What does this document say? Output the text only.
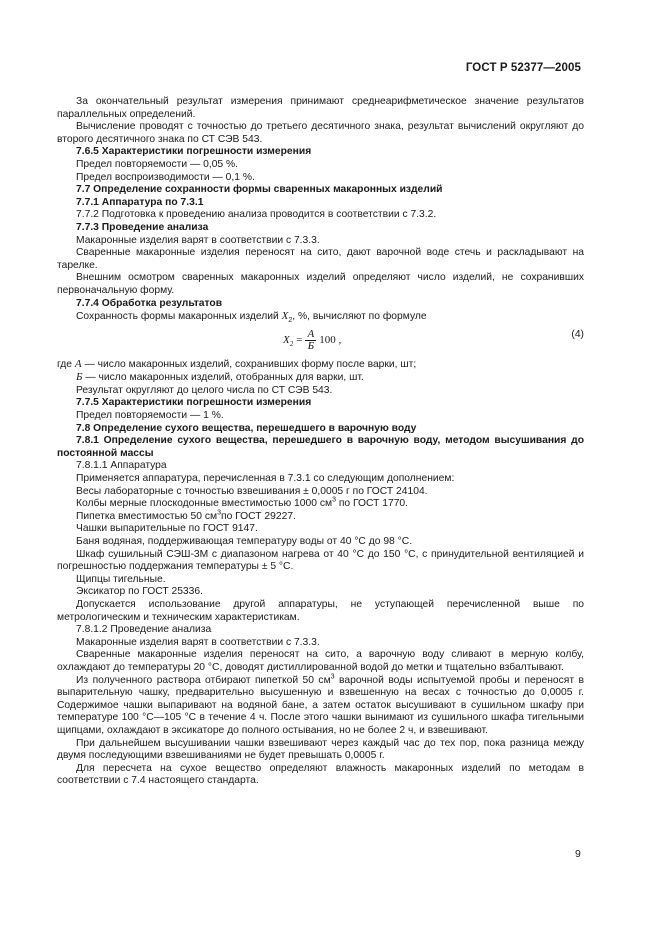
ГОСТ Р 52377—2005

За окончательный результат измерения принимают среднеарифметическое значение результатов параллельных определений.

Вычисление проводят с точностью до третьего десятичного знака, результат вычислений округляют до второго десятичного знака по СТ СЭВ 543.

7.6.5 Характеристики погрешности измерения

Предел повторяемости — 0,05 %.

Предел воспроизводимости — 0,1 %.

7.7 Определение сохранности формы сваренных макаронных изделий

7.7.1 Аппаратура по 7.3.1

7.7.2 Подготовка к проведению анализа проводится в соответствии с 7.3.2.

7.7.3 Проведение анализа

Макаронные изделия варят в соответствии с 7.3.3.

Сваренные макаронные изделия переносят на сито, дают варочной воде стечь и раскладывают на тарелке.

Внешним осмотром сваренных макаронных изделий определяют число изделий, не сохранивших первоначальную форму.

7.7.4 Обработка результатов

Сохранность формы макаронных изделий $X_2$, %, вычисляют по формуле

$X_2 = \frac{А}{Б} 100$ ,	(4)

где А — число макаронных изделий, сохранивших форму после варки, шт;

Б — число макаронных изделий, отобранных для варки, шт.

Результат округляют до целого числа по СТ СЭВ 543.

7.7.5 Характеристики погрешности измерения

Предел повторяемости — 1 %.

7.8 Определение сухого вещества, перешедшего в варочную воду

7.8.1 Определение сухого вещества, перешедшего в варочную воду, методом высушивания до постоянной массы

7.8.1.1 Аппаратура

Применяется аппаратура, перечисленная в 7.3.1 со следующим дополнением:

Весы лабораторные с точностью взвешивания ± 0,0005 г по ГОСТ 24104.

Колбы мерные плоскодонные вместимостью 1000 $см^3$ по ГОСТ 1770.

Пипетка вместимостью 50 $см^3по$ ГОСТ 29227.

Чашки выпарительные по ГОСТ 9147.

Баня водяная, поддерживающая температуру воды от 40 °С до 98 °С.

Шкаф сушильный СЭШ-3М с диапазоном нагрева от 40 °С до 150 °С, с принудительной вентиляцией и погрешностью поддержания температуры ± 5 °С.

Щипцы тигельные.

Эксикатор по ГОСТ 25336.

Допускается использование другой аппаратуры, не уступающей перечисленной выше по метрологическим и техническим характеристикам.

7.8.1.2 Проведение анализа

Макаронные изделия варят в соответствии с 7.3.3.

Сваренные макаронные изделия переносят на сито, а варочную воду сливают в мерную колбу, охлаждают до температуры 20 °С, доводят дистиллированной водой до метки и тщательно взбалтывают.

Из полученного раствора отбирают пипеткой 50 $см^3$ варочной воды испытуемой пробы и переносят в выпарительную чашку, предварительно высушенную и взвешенную на весах с точностью до 0,0005 г. Содержимое чашки выпаривают на водяной бане, а затем остаток высушивают в сушильном шкафу при температуре 100 °С—105 °С в течение 4 ч. После этого чашки вынимают из сушильного шкафа тигельными щипцами, охлаждают в эксикаторе до полного остывания, но не более 2 ч, и взвешивают.

При дальнейшем высушивании чашки взвешивают через каждый час до тех пор, пока разница между двумя последующими взвешиваниями не будет превышать 0,0005 г.

Для пересчета на сухое вещество определяют влажность макаронных изделий по методам в соответствии с 7.4 настоящего стандарта.

9
